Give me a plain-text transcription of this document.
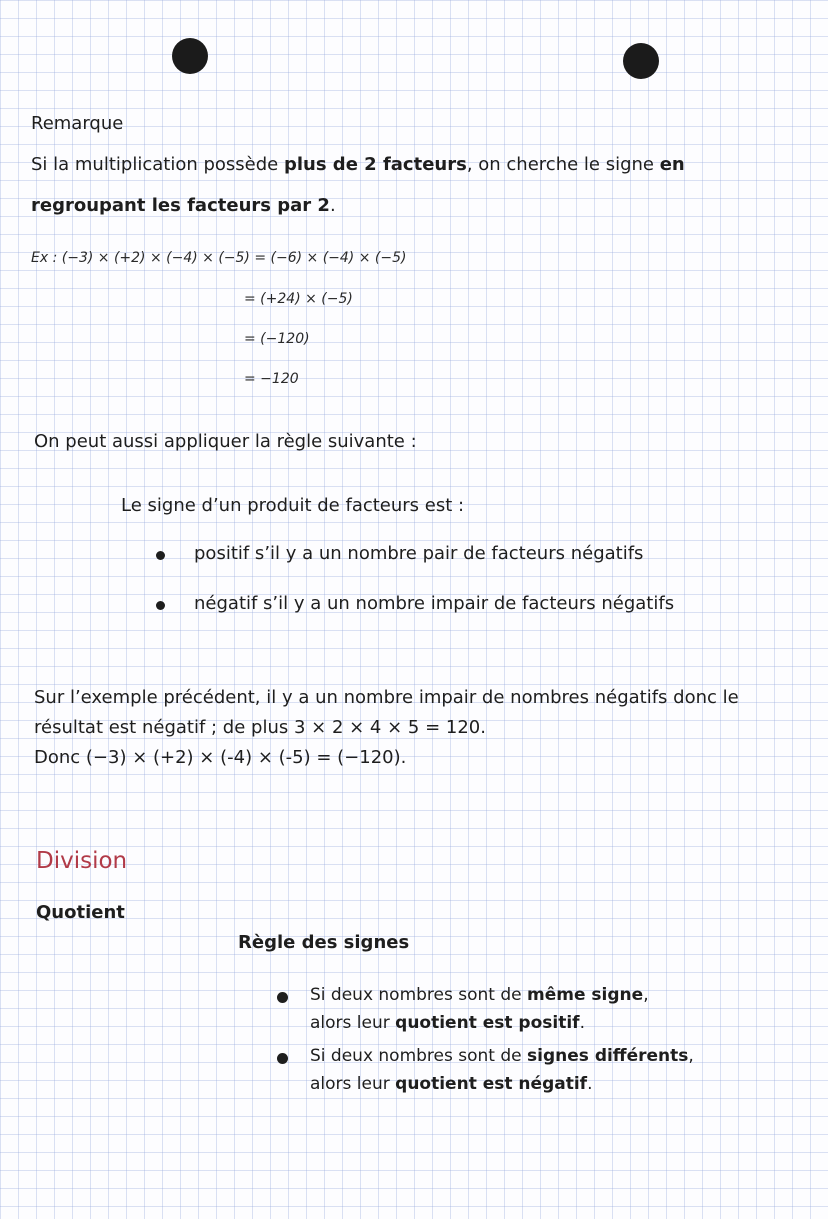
Remarque
Si la multiplication possède plus de 2 facteurs, on cherche le signe en
regroupant les facteurs par 2.
Ex : (−3) × (+2) × (−4) × (−5) = (−6) × (−4) × (−5)
= (+24) × (−5)
= (−120)
= −120
On peut aussi appliquer la règle suivante :
Le signe d’un produit de facteurs est :
positif s’il y a un nombre pair de facteurs négatifs
négatif s’il y a un nombre impair de facteurs négatifs
Sur l’exemple précédent, il y a un nombre impair de nombres négatifs donc le
résultat est négatif ; de plus 3 × 2 × 4 × 5 = 120.
Donc (−3) × (+2) × (-4) × (-5) = (−120).
Division
Quotient
Règle des signes
Si deux nombres sont de même signe,
alors leur quotient est positif.
Si deux nombres sont de signes différents,
alors leur quotient est négatif.
